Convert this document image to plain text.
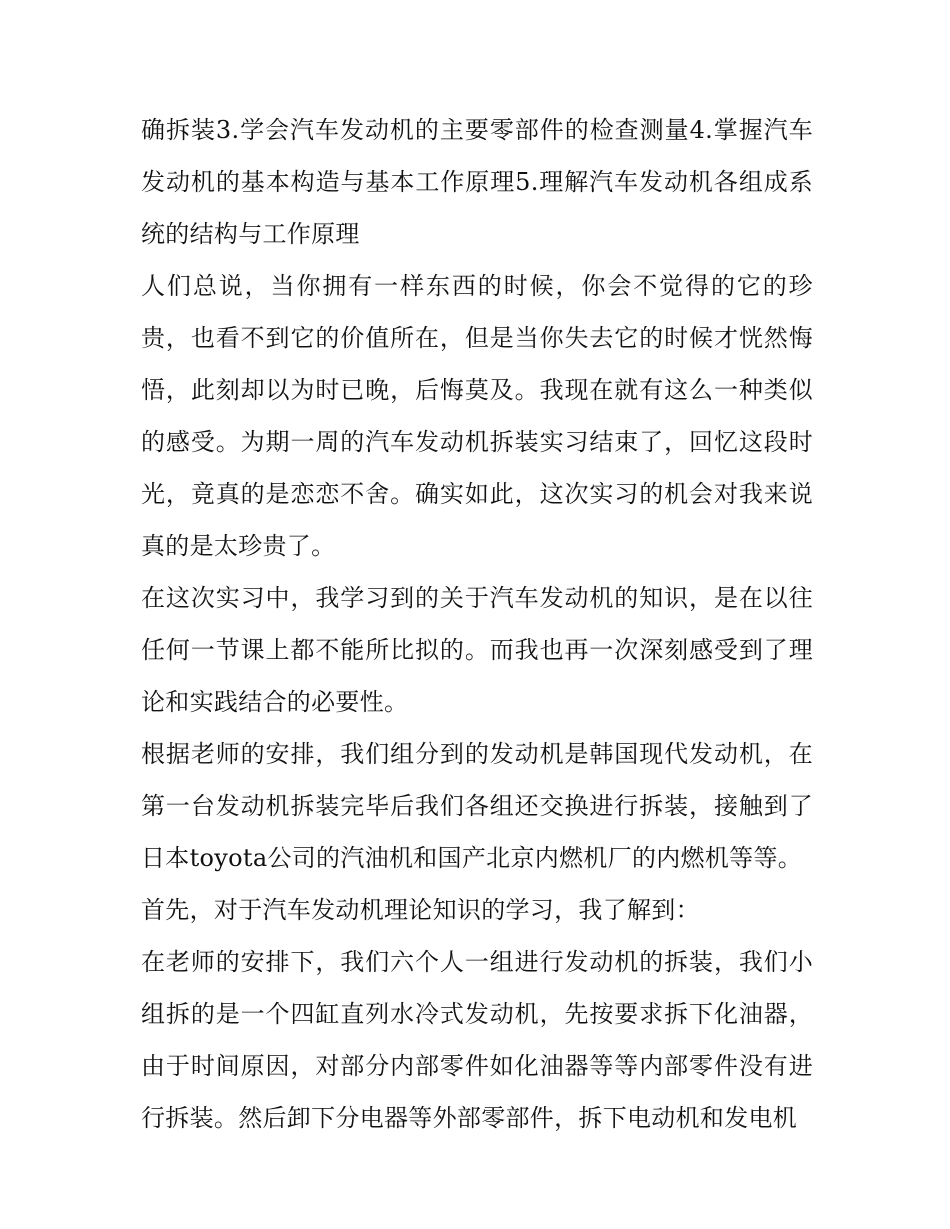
确拆装3.学会汽车发动机的主要零部件的检查测量4.掌握汽车发动机的基本构造与基本工作原理5.理解汽车发动机各组成系统的结构与工作原理

人们总说，当你拥有一样东西的时候，你会不觉得的它的珍贵，也看不到它的价值所在，但是当你失去它的时候才恍然悔悟，此刻却以为时已晚，后悔莫及。我现在就有这么一种类似的感受。为期一周的汽车发动机拆装实习结束了，回忆这段时光，竟真的是恋恋不舍。确实如此，这次实习的机会对我来说真的是太珍贵了。

在这次实习中，我学习到的关于汽车发动机的知识，是在以往任何一节课上都不能所比拟的。而我也再一次深刻感受到了理论和实践结合的必要性。

根据老师的安排，我们组分到的发动机是韩国现代发动机，在第一台发动机拆装完毕后我们各组还交换进行拆装，接触到了日本toyota公司的汽油机和国产北京内燃机厂的内燃机等等。

首先，对于汽车发动机理论知识的学习，我了解到：

在老师的安排下，我们六个人一组进行发动机的拆装，我们小组拆的是一个四缸直列水冷式发动机，先按要求拆下化油器，由于时间原因，对部分内部零件如化油器等等内部零件没有进行拆装。然后卸下分电器等外部零部件，拆下电动机和发电机
